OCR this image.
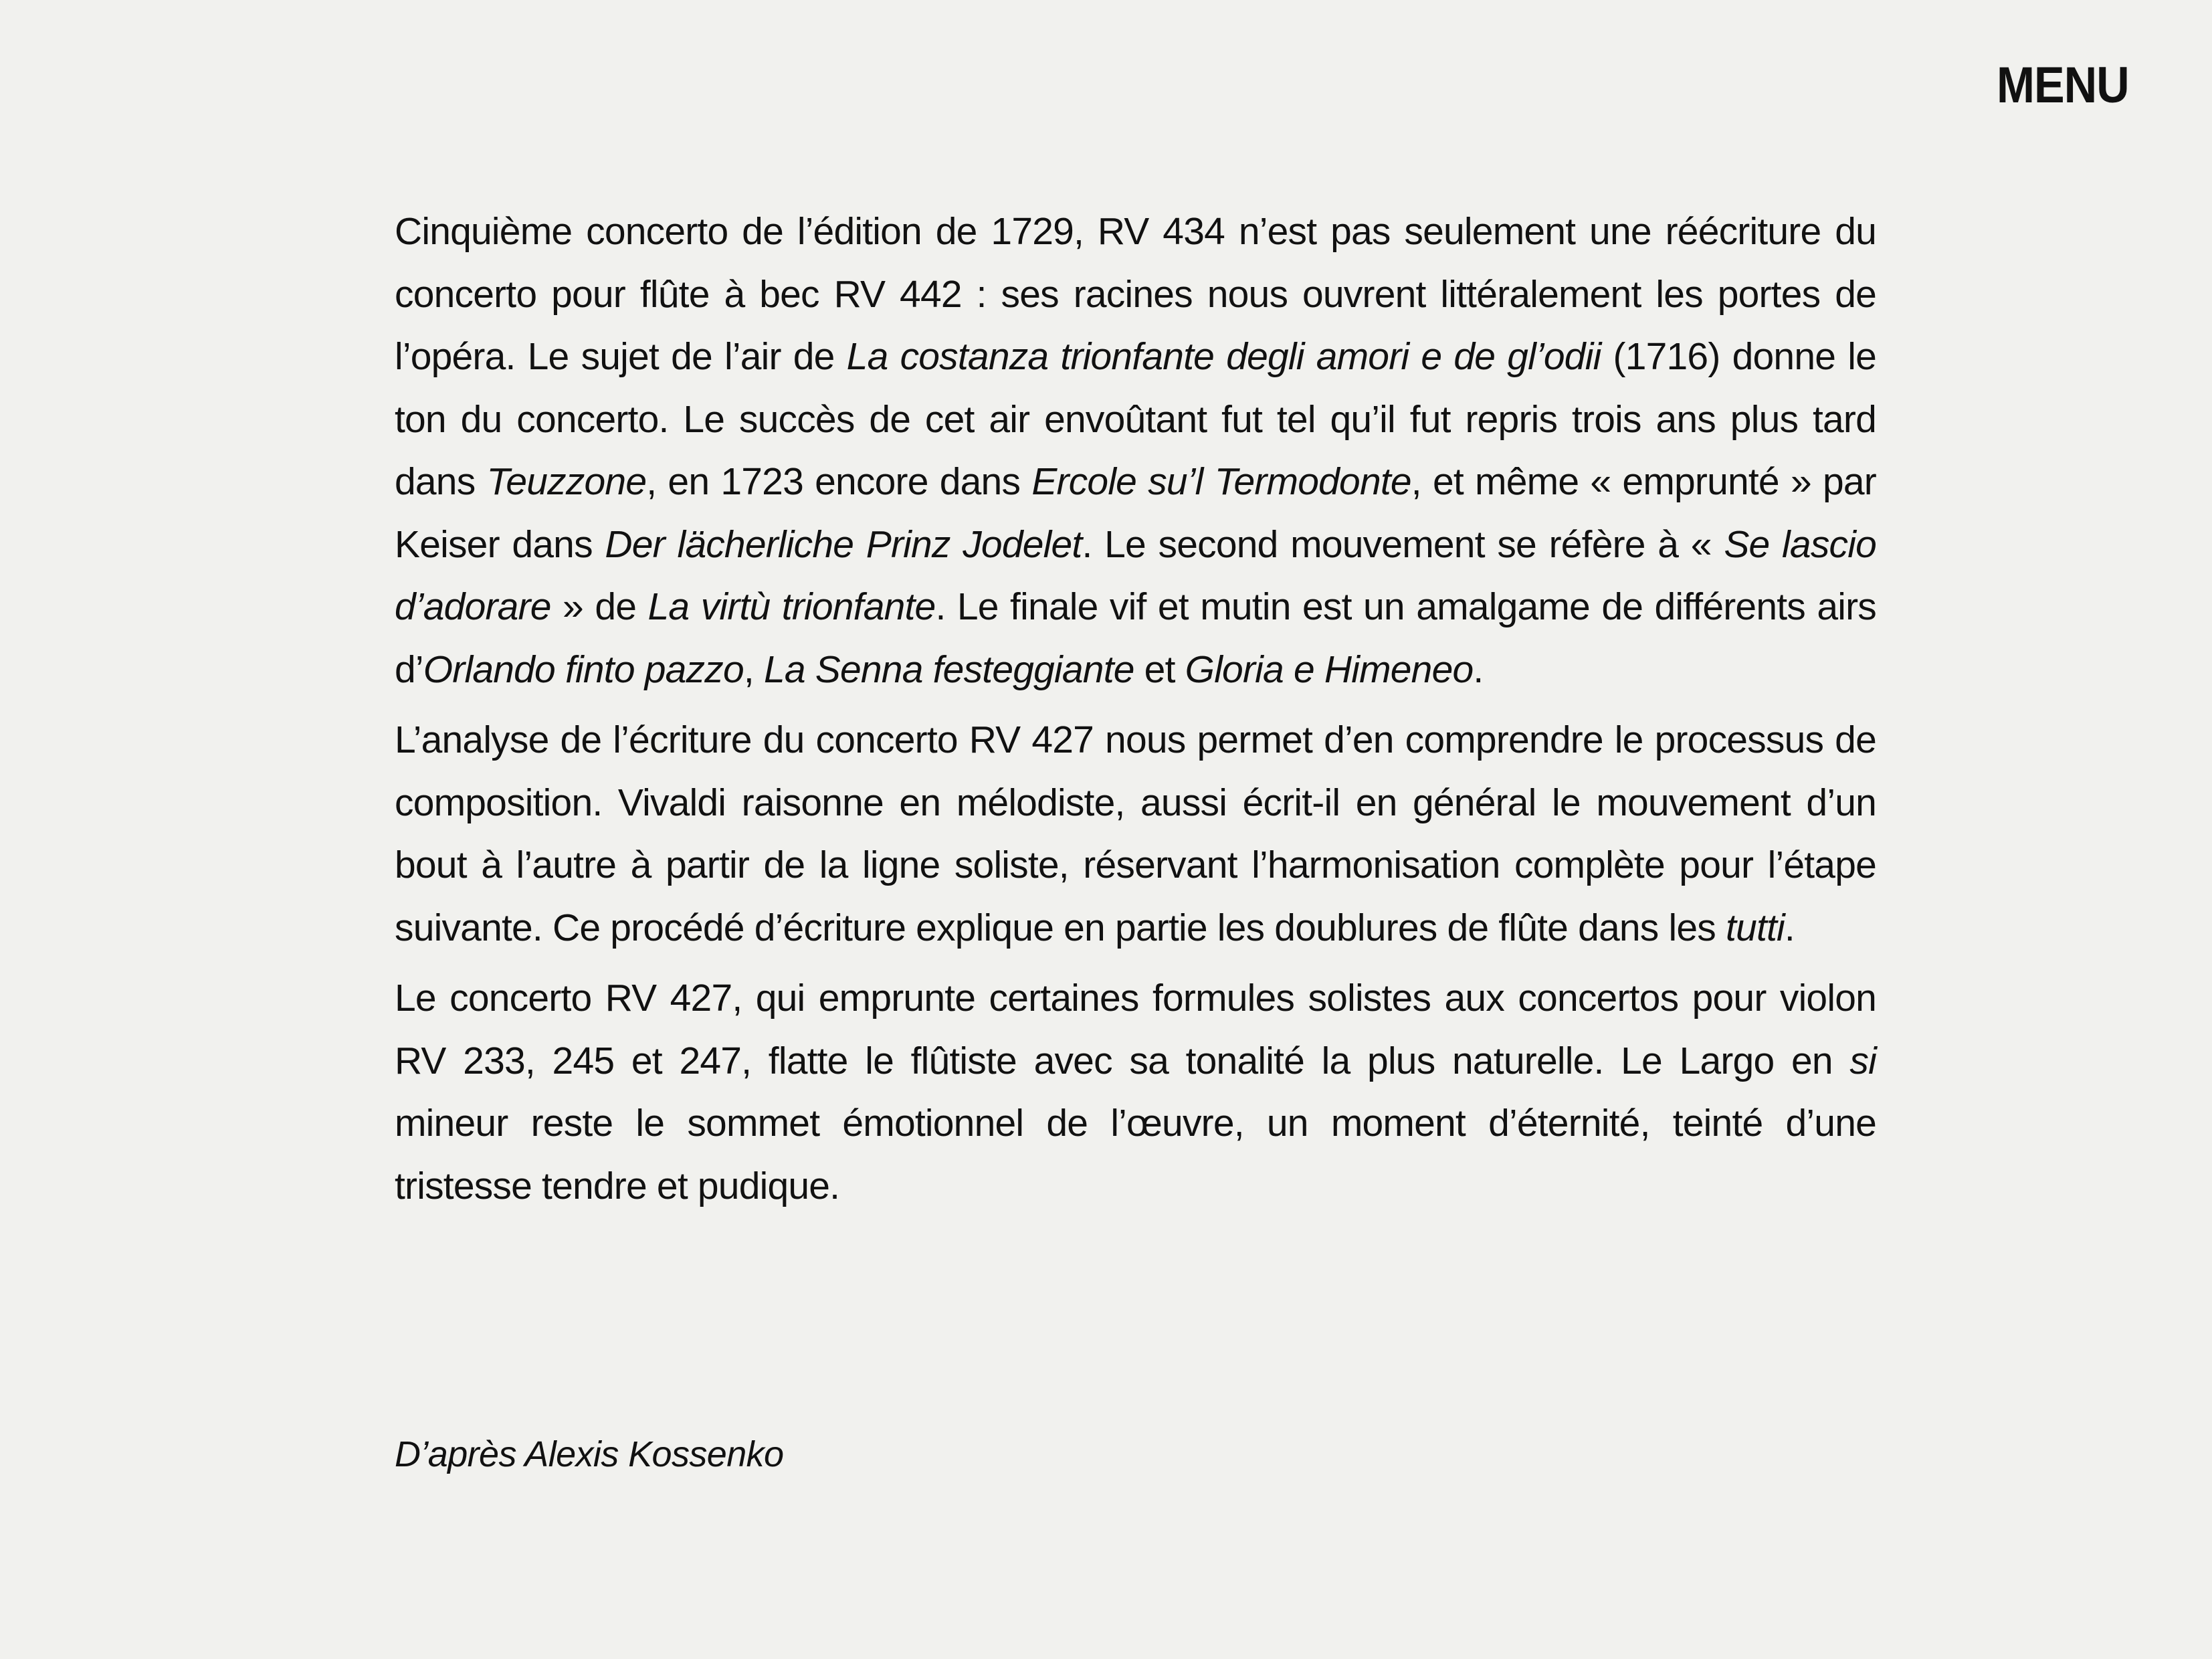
MENU

Cinquième concerto de l’édition de 1729, RV 434 n’est pas seulement une réécriture du concerto pour flûte à bec RV 442 : ses racines nous ouvrent littéralement les portes de l’opéra. Le sujet de l’air de La costanza trionfante degli amori e de gl’odii (1716) donne le ton du concerto. Le succès de cet air envoûtant fut tel qu’il fut repris trois ans plus tard dans Teuzzone, en 1723 encore dans Ercole su’l Termodonte, et même « emprunté » par Keiser dans Der lächerliche Prinz Jodelet. Le second mouvement se réfère à « Se lascio d’adorare » de La virtù trionfante. Le finale vif et mutin est un amalgame de différents airs d’Orlando finto pazzo, La Senna festeggiante et Gloria e Himeneo.

L’analyse de l’écriture du concerto RV 427 nous permet d’en comprendre le processus de composition. Vivaldi raisonne en mélodiste, aussi écrit-il en général le mouvement d’un bout à l’autre à partir de la ligne soliste, réservant l’harmonisation complète pour l’étape suivante. Ce procédé d’écriture explique en partie les doublures de flûte dans les tutti.

Le concerto RV 427, qui emprunte certaines formules solistes aux concertos pour violon RV 233, 245 et 247, flatte le flûtiste avec sa tonalité la plus naturelle. Le Largo en si mineur reste le sommet émotionnel de l’œuvre, un moment d’éternité, teinté d’une tristesse tendre et pudique.

D’après Alexis Kossenko
